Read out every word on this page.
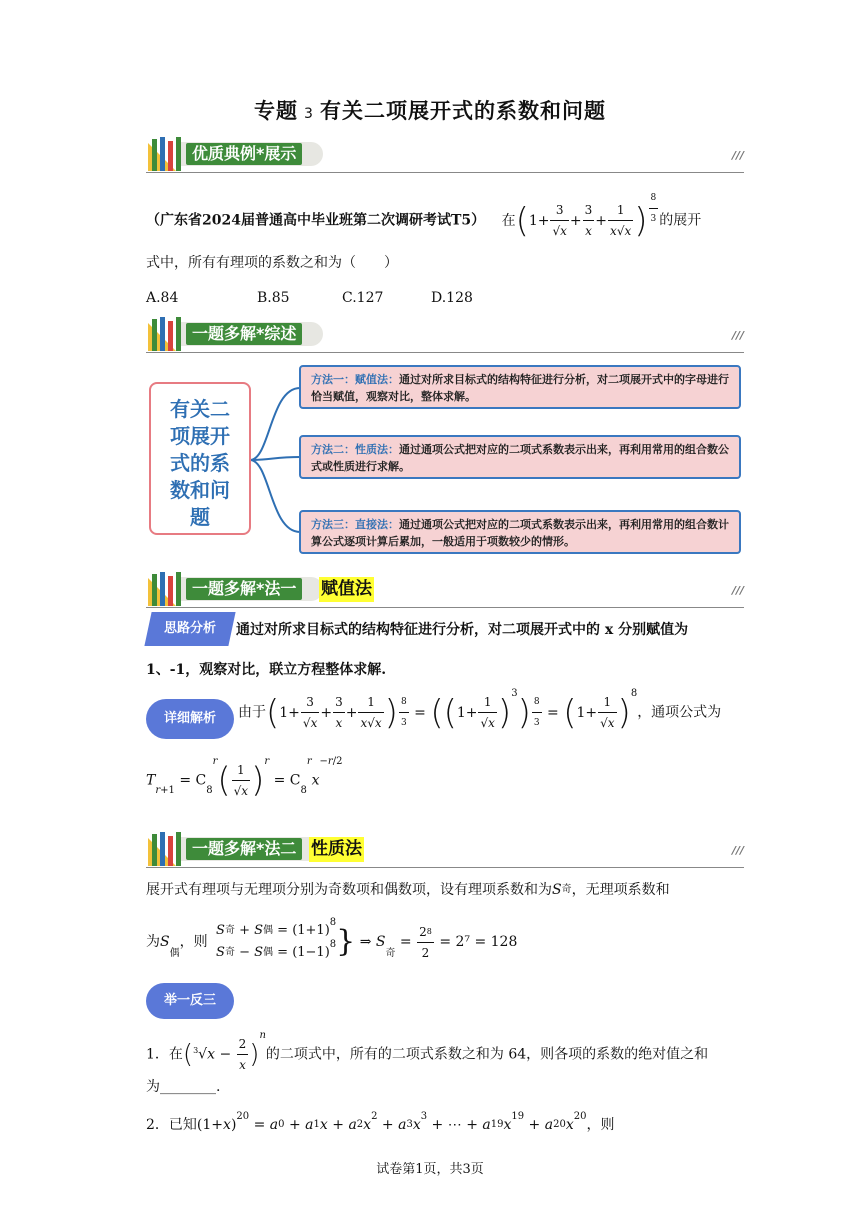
专题 3 有关二项展开式的系数和问题
优质典例*展示	///
（广东省2024届普通高中毕业班第二次调研考试T5） 在($1+ \frac{3}{√x} + \frac{3}{x} + \frac{1}{x√x}$ ) $\frac{8}{3}$ 的展开
式中，所有有理项的系数之和为（　　）
A.84	B.85	C.127	D.128
一题多解*综述	///
有关二
项展开
式的系
数和问
题
方法一：赋值法：通过对所求目标式的结构特征进行分析，对二项展开式中的字母进行恰当赋值，观察对比，整体求解。
方法二：性质法：通过通项公式把对应的二项式系数表示出来，再利用常用的组合数公式或性质进行求解。
方法三：直接法：通过通项公式把对应的二项式系数表示出来，再利用常用的组合数计算公式逐项计算后累加，一般适用于项数较少的情形。
一题多解*法一	赋值法	///
思路分析	通过对所求目标式的结构特征进行分析，对二项展开式中的 x 分别赋值为
1、-1，观察对比，联立方程整体求解.
详细解析	由于($1+ \frac{3}{√x} + \frac{3}{x} + \frac{1}{x√x}$ ) $\frac{8}{3} = ((1+ \frac{1}{√x} )^3) \frac{8}{3} = (1+ \frac{1}{√x} )^8$，通项公式为
$Tr+1 = C8^r( \frac{1}{√x} )^r = C8^rx^{-r/2}$
一题多解*法二 性质法	///
展开式有理项与无理项分别为奇数项和偶数项，设有理项系数和为S奇，无理项系数和
为S偶，则
S奇 + S偶 = $(1+1)^8$
S奇 − S偶 = $(1-1)^8$ } ⇒ S奇 = $\frac{2^8}{2} = 2^7 = 128$
举一反三
1．在$(^3√x - \frac{2}{x} )^n$的二项式中，所有的二项式系数之和为 64，则各项的系数的绝对值之和
为________.
2．已知$(1+x)^{20} = a0 + a1x + a2x^2 + a3x^3$ + ⋯ + $a19x^{19} + a20x^{20}$，则
试卷第1页，共3页
